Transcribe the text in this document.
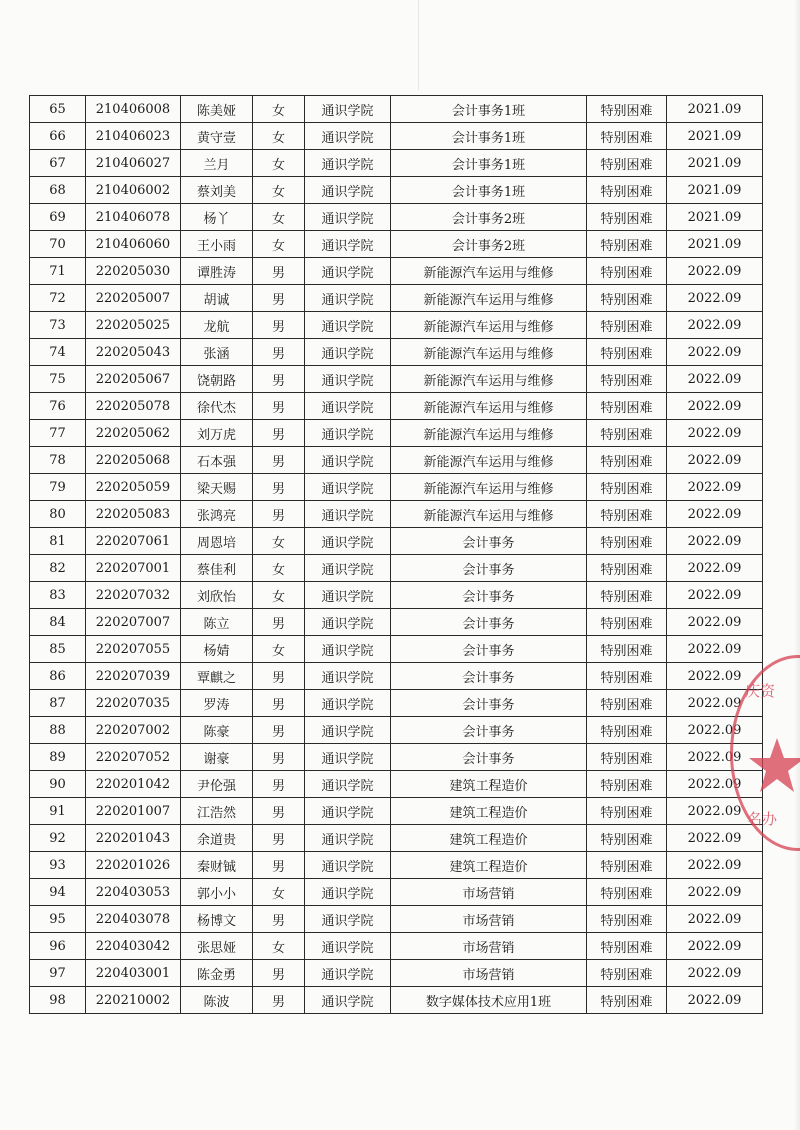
65	210406008	陈美娅	女	通识学院	会计事务1班	特别困难	2021.09
66	210406023	黄守壹	女	通识学院	会计事务1班	特别困难	2021.09
67	210406027	兰月	女	通识学院	会计事务1班	特别困难	2021.09
68	210406002	蔡刘美	女	通识学院	会计事务1班	特别困难	2021.09
69	210406078	杨丫	女	通识学院	会计事务2班	特别困难	2021.09
70	210406060	王小雨	女	通识学院	会计事务2班	特别困难	2021.09
71	220205030	谭胜涛	男	通识学院	新能源汽车运用与维修	特别困难	2022.09
72	220205007	胡诚	男	通识学院	新能源汽车运用与维修	特别困难	2022.09
73	220205025	龙航	男	通识学院	新能源汽车运用与维修	特别困难	2022.09
74	220205043	张涵	男	通识学院	新能源汽车运用与维修	特别困难	2022.09
75	220205067	饶朝路	男	通识学院	新能源汽车运用与维修	特别困难	2022.09
76	220205078	徐代杰	男	通识学院	新能源汽车运用与维修	特别困难	2022.09
77	220205062	刘万虎	男	通识学院	新能源汽车运用与维修	特别困难	2022.09
78	220205068	石本强	男	通识学院	新能源汽车运用与维修	特别困难	2022.09
79	220205059	梁天赐	男	通识学院	新能源汽车运用与维修	特别困难	2022.09
80	220205083	张鸿亮	男	通识学院	新能源汽车运用与维修	特别困难	2022.09
81	220207061	周恩培	女	通识学院	会计事务	特别困难	2022.09
82	220207001	蔡佳利	女	通识学院	会计事务	特别困难	2022.09
83	220207032	刘欣怡	女	通识学院	会计事务	特别困难	2022.09
84	220207007	陈立	男	通识学院	会计事务	特别困难	2022.09
85	220207055	杨婧	女	通识学院	会计事务	特别困难	2022.09
86	220207039	覃麒之	男	通识学院	会计事务	特别困难	2022.09
87	220207035	罗涛	男	通识学院	会计事务	特别困难	2022.09
88	220207002	陈豪	男	通识学院	会计事务	特别困难	2022.09
89	220207052	谢豪	男	通识学院	会计事务	特别困难	2022.09
90	220201042	尹伦强	男	通识学院	建筑工程造价	特别困难	2022.09
91	220201007	江浩然	男	通识学院	建筑工程造价	特别困难	2022.09
92	220201043	余道贵	男	通识学院	建筑工程造价	特别困难	2022.09
93	220201026	秦财铖	男	通识学院	建筑工程造价	特别困难	2022.09
94	220403053	郭小小	女	通识学院	市场营销	特别困难	2022.09
95	220403078	杨博文	男	通识学院	市场营销	特别困难	2022.09
96	220403042	张思娅	女	通识学院	市场营销	特别困难	2022.09
97	220403001	陈金勇	男	通识学院	市场营销	特别困难	2022.09
98	220210002	陈波	男	通识学院	数字媒体技术应用1班	特别困难	2022.09
庆资
名办
